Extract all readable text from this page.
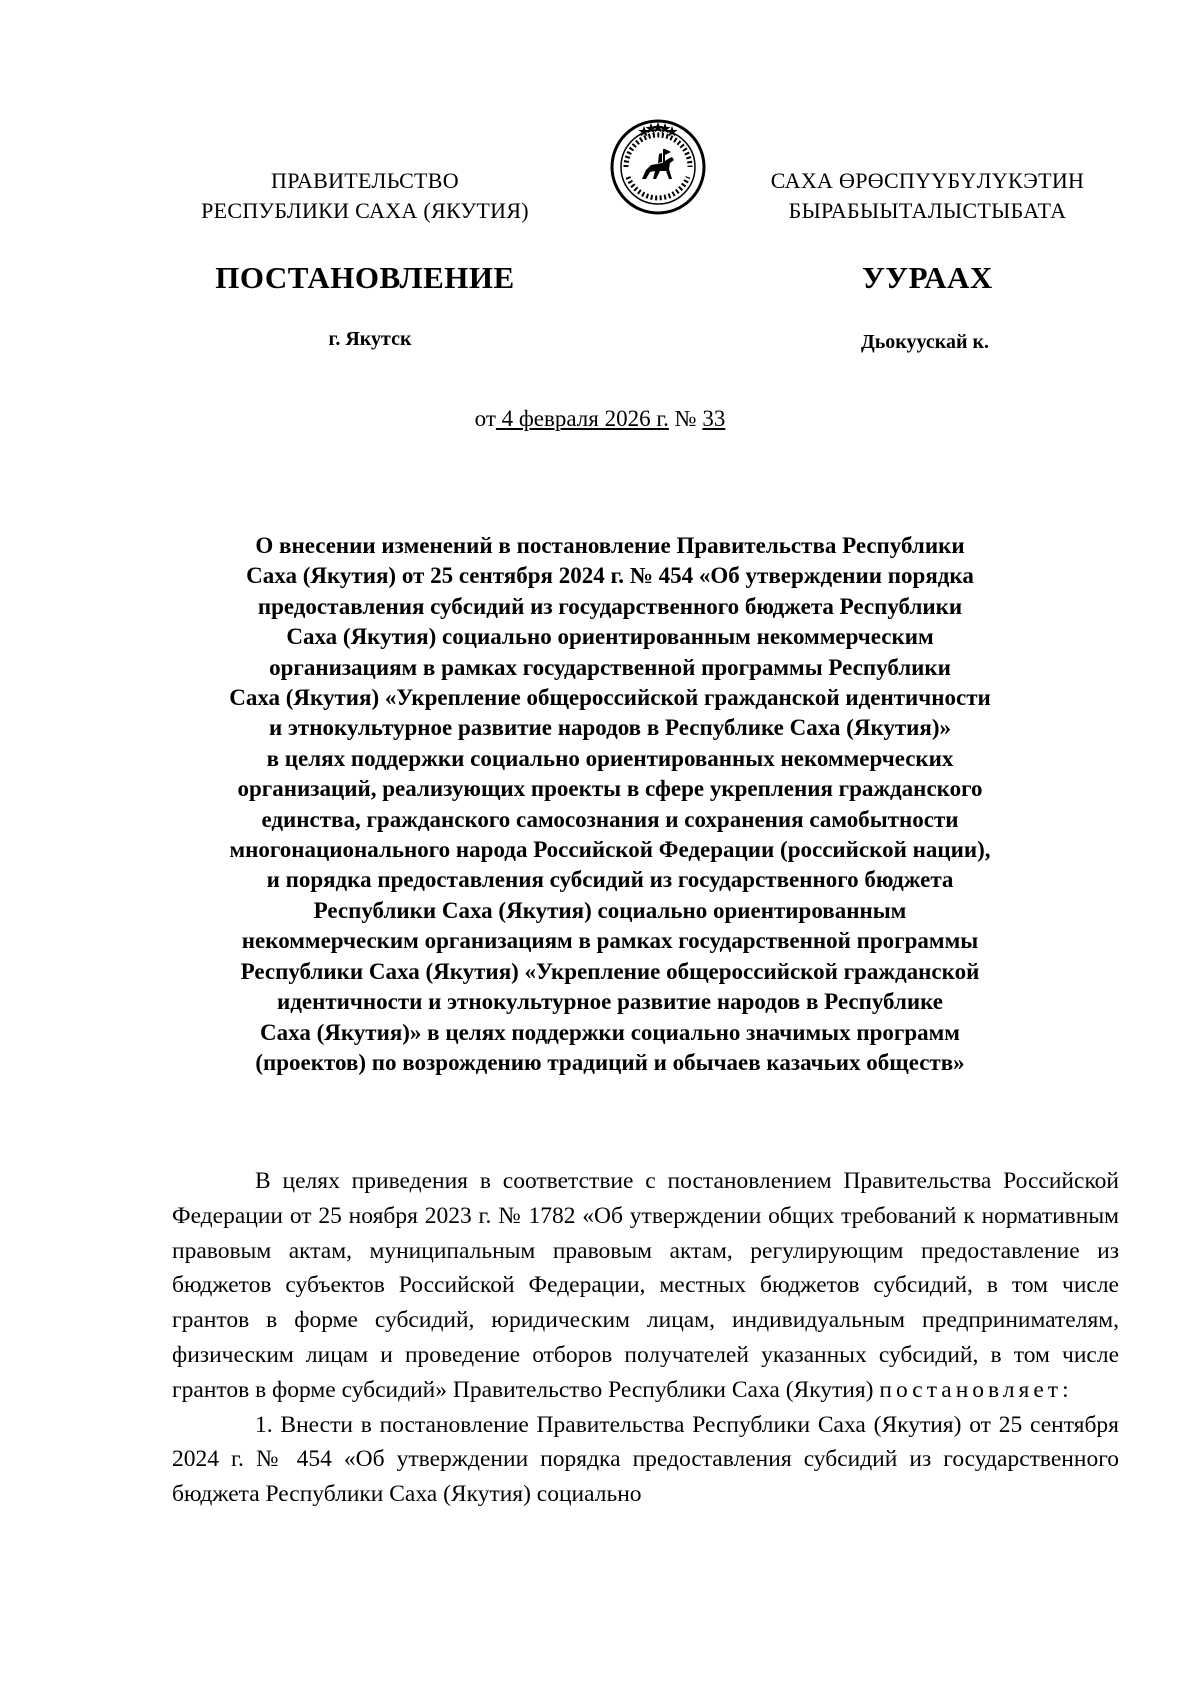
ПРАВИТЕЛЬСТВО
РЕСПУБЛИКИ САХА (ЯКУТИЯ)
САХА ӨРӨСПҮҮБҮЛҮКЭТИН
БЫРАБЫЫТАЛЫСТЫБАТА
ПОСТАНОВЛЕНИЕ	УУРААХ
г. Якутск	Дьокуускай к.
от 4 февраля 2026 г. № 33
О внесении изменений в постановление Правительства Республики
Саха (Якутия) от 25 сентября 2024 г. № 454 «Об утверждении порядка
предоставления субсидий из государственного бюджета Республики
Саха (Якутия) социально ориентированным некоммерческим
организациям в рамках государственной программы Республики
Саха (Якутия) «Укрепление общероссийской гражданской идентичности
и этнокультурное развитие народов в Республике Саха (Якутия)»
в целях поддержки социально ориентированных некоммерческих
организаций, реализующих проекты в сфере укрепления гражданского
единства, гражданского самосознания и сохранения самобытности
многонационального народа Российской Федерации (российской нации),
и порядка предоставления субсидий из государственного бюджета
Республики Саха (Якутия) социально ориентированным
некоммерческим организациям в рамках государственной программы
Республики Саха (Якутия) «Укрепление общероссийской гражданской
идентичности и этнокультурное развитие народов в Республике
Саха (Якутия)» в целях поддержки социально значимых программ
(проектов) по возрождению традиций и обычаев казачьих обществ»

В целях приведения в соответствие с постановлением Правительства Российской Федерации от 25 ноября 2023 г. № 1782 «Об утверждении общих требований к нормативным правовым актам, муниципальным правовым актам, регулирующим предоставление из бюджетов субъектов Российской Федерации, местных бюджетов субсидий, в том числе грантов в форме субсидий, юридическим лицам, индивидуальным предпринимателям, физическим лицам и проведение отборов получателей указанных субсидий, в том числе грантов в форме субсидий» Правительство Республики Саха (Якутия) постановляет:

1. Внести в постановление Правительства Республики Саха (Якутия) от 25 сентября 2024 г. № 454 «Об утверждении порядка предоставления субсидий из государственного бюджета Республики Саха (Якутия) социально
